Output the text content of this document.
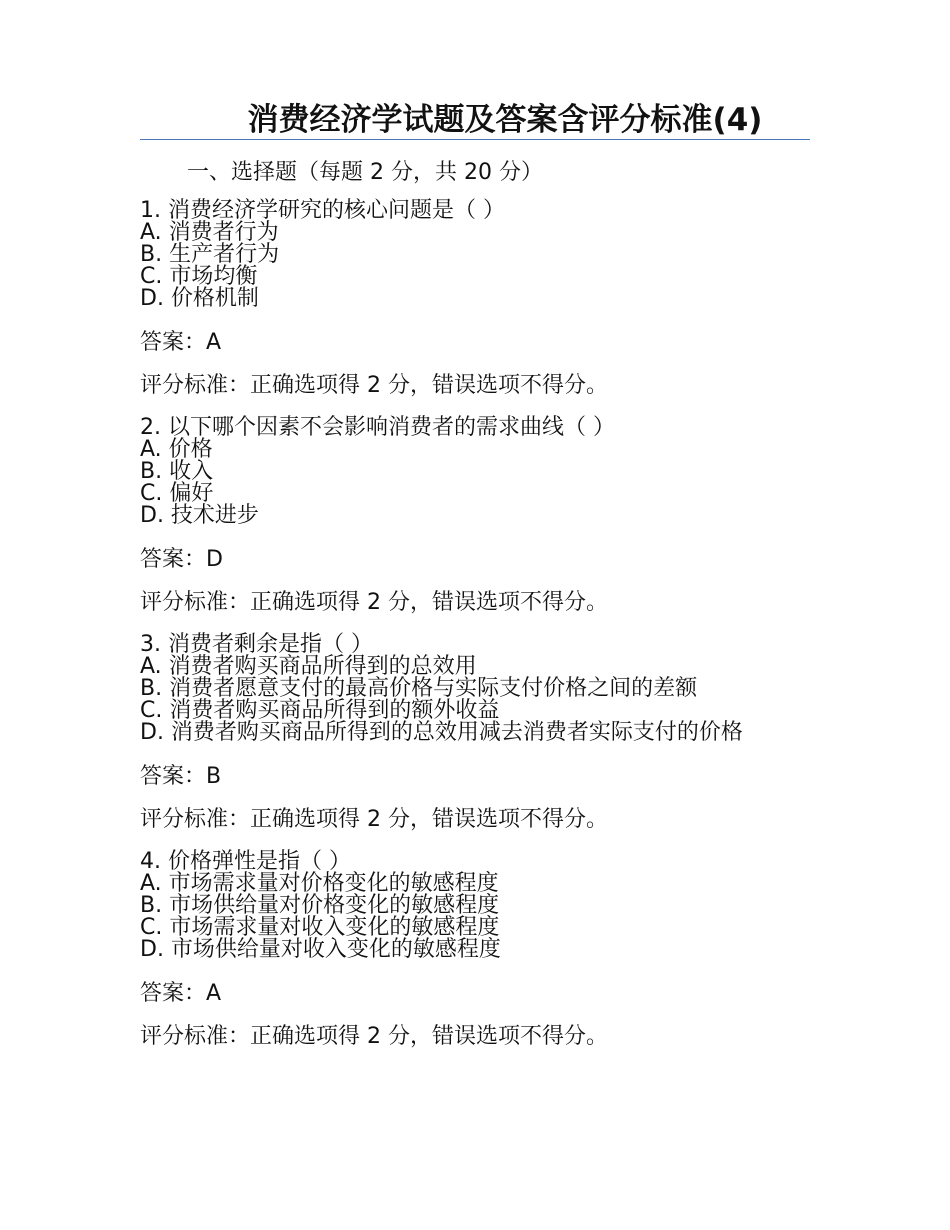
消费经济学试题及答案含评分标准(4)
一、选择题（每题 2 分，共 20 分）

1. 消费经济学研究的核心问题是（ ）

A. 消费者行为

B. 生产者行为

C. 市场均衡

D. 价格机制

答案：A
评分标准：正确选项得 2 分，错误选项不得分。

2. 以下哪个因素不会影响消费者的需求曲线（ ）

A. 价格

B. 收入

C. 偏好

D. 技术进步

答案：D
评分标准：正确选项得 2 分，错误选项不得分。

3. 消费者剩余是指（ ）

A. 消费者购买商品所得到的总效用

B. 消费者愿意支付的最高价格与实际支付价格之间的差额

C. 消费者购买商品所得到的额外收益

D. 消费者购买商品所得到的总效用减去消费者实际支付的价格

答案：B
评分标准：正确选项得 2 分，错误选项不得分。

4. 价格弹性是指（ ）

A. 市场需求量对价格变化的敏感程度

B. 市场供给量对价格变化的敏感程度

C. 市场需求量对收入变化的敏感程度

D. 市场供给量对收入变化的敏感程度

答案：A
评分标准：正确选项得 2 分，错误选项不得分。
